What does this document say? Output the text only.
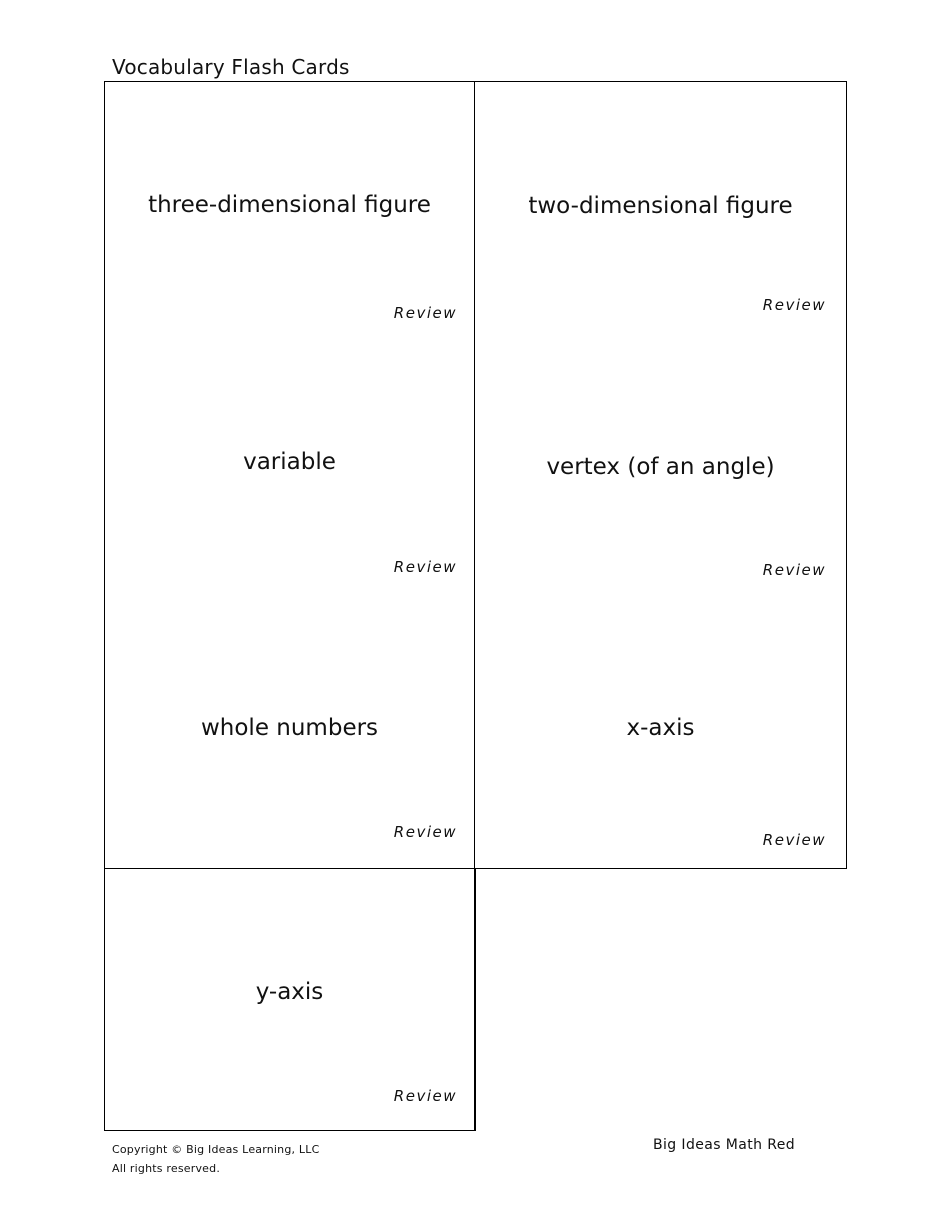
Vocabulary Flash Cards
three-dimensional figure
Review
two-dimensional figure
Review
variable
Review
vertex (of an angle)
Review
whole numbers
Review
x-axis
Review
y-axis
Review
Copyright © Big Ideas Learning, LLC
All rights reserved.
Big Ideas Math Red
